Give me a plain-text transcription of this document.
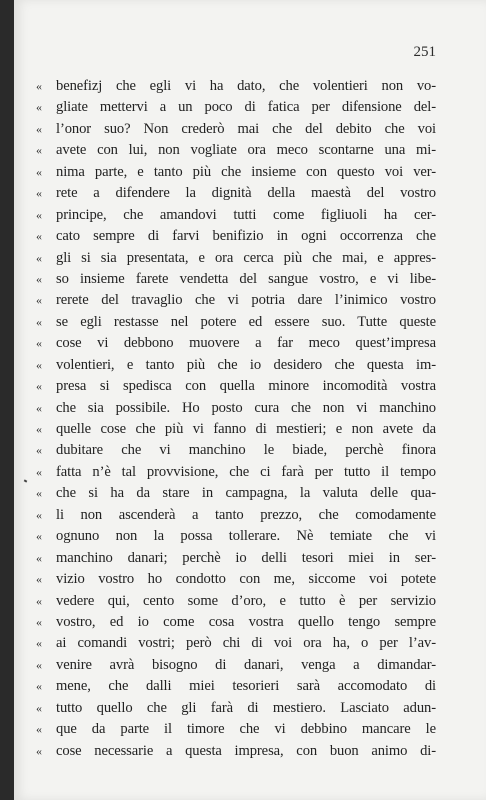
251
« benefizj che egli vi ha dato, che volentieri non vo-
« gliate mettervi a un poco di fatica per difensione del-
« l’onor suo? Non crederò mai che del debito che voi
« avete con lui, non vogliate ora meco scontarne una mi-
« nima parte, e tanto più che insieme con questo voi ver-
« rete a difendere la dignità della maestà del vostro
« principe, che amandovi tutti come figliuoli ha cer-
« cato sempre di farvi benifizio in ogni occorrenza che
« gli si sia presentata, e ora cerca più che mai, e appres-
« so insieme farete vendetta del sangue vostro, e vi libe-
« rerete del travaglio che vi potria dare l’inimico vostro
« se egli restasse nel potere ed essere suo. Tutte queste
« cose vi debbono muovere a far meco quest’impresa
« volentieri, e tanto più che io desidero che questa im-
« presa si spedisca con quella minore incomodità vostra
« che sia possibile. Ho posto cura che non vi manchino
« quelle cose che più vi fanno di mestieri; e non avete da
« dubitare che vi manchino le biade, perchè finora
« fatta n’è tal provvisione, che ci farà per tutto il tempo
« che si ha da stare in campagna, la valuta delle qua-
« li non ascenderà a tanto prezzo, che comodamente
« ognuno non la possa tollerare. Nè temiate che vi
« manchino danari; perchè io delli tesori miei in ser-
« vizio vostro ho condotto con me, siccome voi potete
« vedere qui, cento some d’oro, e tutto è per servizio
« vostro, ed io come cosa vostra quello tengo sempre
« ai comandi vostri; però chi di voi ora ha, o per l’av-
« venire avrà bisogno di danari, venga a dimandar-
« mene, che dalli miei tesorieri sarà accomodato di
« tutto quello che gli farà di mestiero. Lasciato adun-
« que da parte il timore che vi debbino mancare le
« cose necessarie a questa impresa, con buon animo di-
